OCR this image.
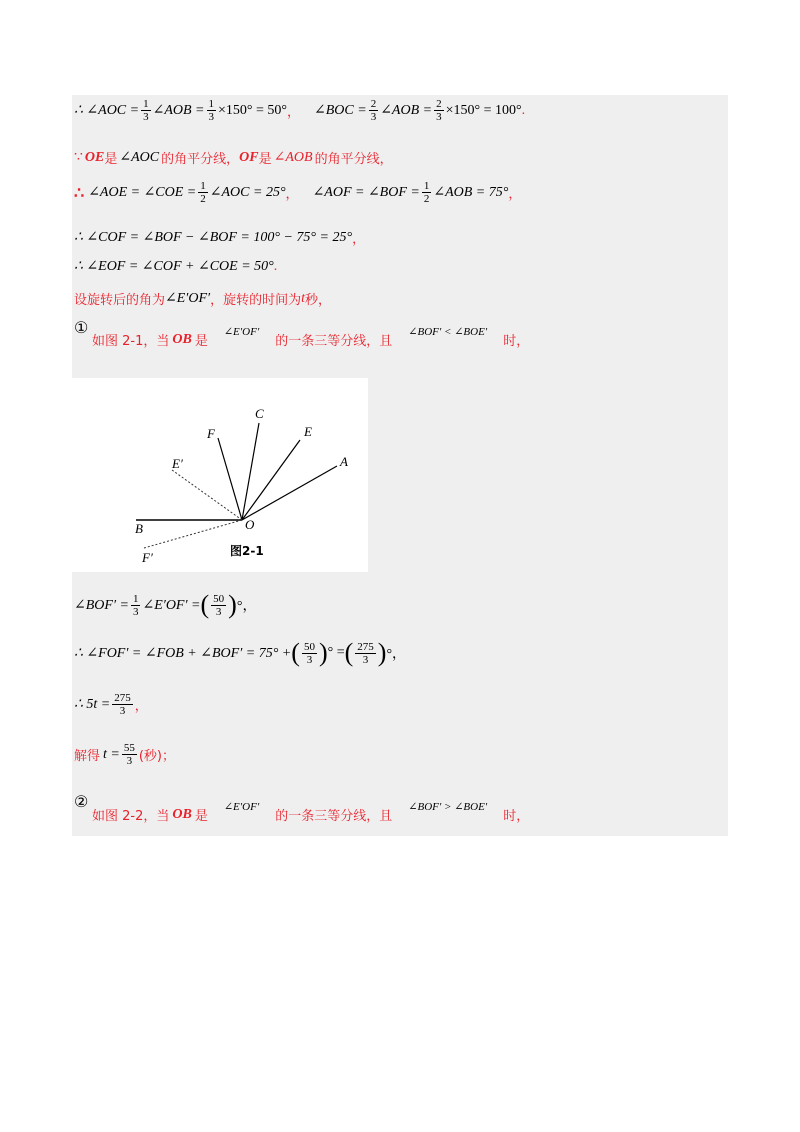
∴ ∠AOC = $\frac{1}{3}$ ∠AOB = $\frac{1}{3} \times 150^\circ = 50^\circ$ ， ∠BOC = $\frac{2}{3}$ ∠AOB = $\frac{2}{3} \times 150^\circ = 100^\circ$ .
∵ OE 是 ∠AOC 的角平分线， OF 是 ∠AOB 的角平分线，
∴ ∠AOE = ∠COE = $\frac{1}{2}$ ∠AOC = 25° ， ∠AOF = ∠BOF = $\frac{1}{2}$ ∠AOB = 75° ，
∴ ∠COF = ∠BOF − ∠BOF = 100° − 75° = 25° ，
∴ ∠EOF = ∠COF + ∠COE = 50° .
设旋转后的角为 ∠E′OF′ ，旋转的时间为 t 秒，
①
如图 2-1，当 OB 是
∠E′OF′
的一条三等分线，且
∠BOF′ < ∠BOE′
时，
C
F	E
A
E′
B	O
F′	图2-1
∠BOF′ = $\frac{1}{3}$ ∠E′OF′ = ( $\frac{50}{3}$ ) °，
∴ ∠FOF′ = ∠FOB + ∠BOF′ = 75° + ( $\frac{50}{3}$ ) ° = ( $\frac{275}{3}$ ) °，
∴ $5t = \frac{275}{3}$ ，
解得 $t = \frac{55}{3}$ (秒)；
②
如图 2-2，当 OB 是
∠E′OF′
的一条三等分线，且
∠BOF′ > ∠BOE′
时，
